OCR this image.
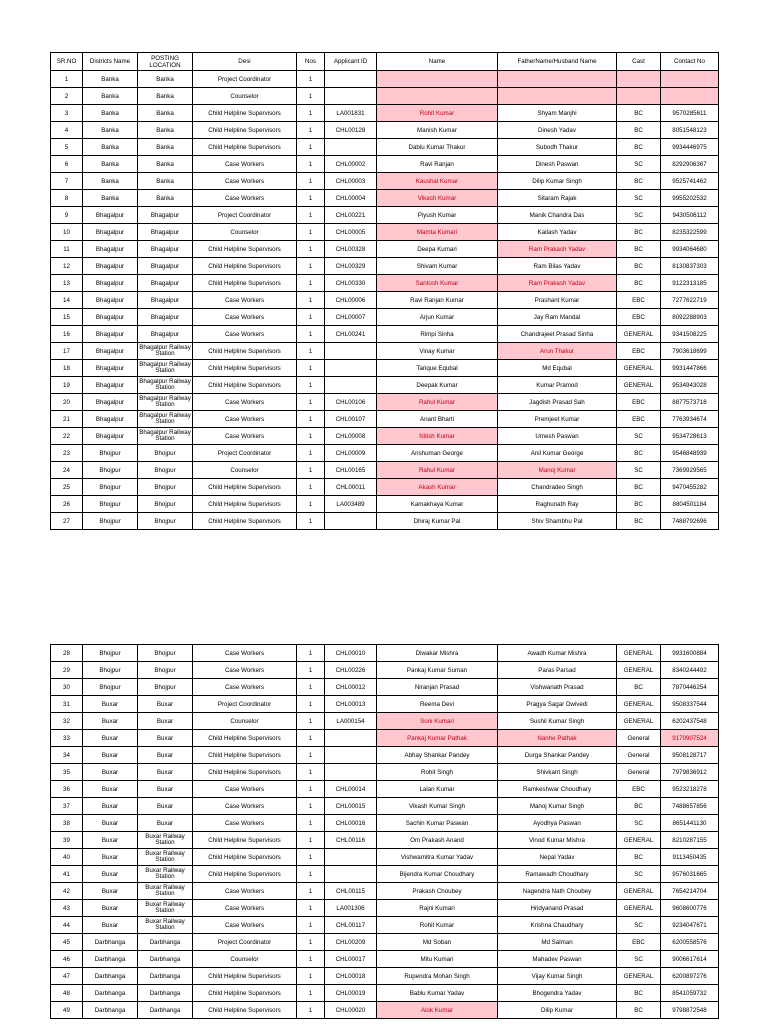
SR.NO	Districts Name	POSTING LOCATION	Desi	Nos	Applicant ID	Name	FatherName/Husband Name	Cast	Contact No
1	Banka	Banka	Project Coordinator	1					
2	Banka	Banka	Counselor	1					
3	Banka	Banka	Child Helpline Supervisors	1	LA001831	Rohit Kumar	Shyam Manjhi	BC	9570285611
4	Banka	Banka	Child Helpline Supervisors	1	CHL00128	Manish Kumar	Dinesh Yadav	BC	8051548123
5	Banka	Banka	Child Helpline Supervisors	1		Dablu Kumar Thakur	Subodh Thakur	BC	9934446975
6	Banka	Banka	Case Workers	1	CHL00002	Ravi Ranjan	Dinesh Paswan	SC	8292906367
7	Banka	Banka	Case Workers	1	CHL00003	Kaushal Kumar	Dilip Kumar Singh	BC	9525741462
8	Banka	Banka	Case Workers	1	CHL00004	Vikash Kumar	Sitaram Rajak	SC	9955202532
9	Bhagalpur	Bhagalpur	Project Coordinator	1	CHL00221	Piyush Kumar	Manik Chandra Das	SC	9430506112
10	Bhagalpur	Bhagalpur	Counselor	1	CHL00005	Mamta Kumari	Kailash Yadav	BC	8235322599
11	Bhagalpur	Bhagalpur	Child Helpline Supervisors	1	CHL00328	Deepa Kumari	Ram Prakash Yadav	BC	9934064680
12	Bhagalpur	Bhagalpur	Child Helpline Supervisors	1	CHL00329	Shivam Kumar	Ram Bilas Yadav	BC	8130837303
13	Bhagalpur	Bhagalpur	Child Helpline Supervisors	1	CHL00330	Santosh Kumar	Ram Prakash Yadav	BC	9122313185
14	Bhagalpur	Bhagalpur	Case Workers	1	CHL00006	Ravi Ranjan Kumar	Prashant Kumar	EBC	7277622719
15	Bhagalpur	Bhagalpur	Case Workers	1	CHL00007	Arjun Kumar	Jay Ram Mandal	EBC	8092288903
16	Bhagalpur	Bhagalpur	Case Workers	1	CHL00241	Rimpi Sinha	Chandrajeet Prasad Sinha	GENERAL	9341508225
17	Bhagalpur	Bhagalpur Railway Station	Child Helpline Supervisors	1		Vinay Kumar	Arun Thakur	EBC	7903618699
18	Bhagalpur	Bhagalpur Railway Station	Child Helpline Supervisors	1		Tarique Equbal	Md Equbal	GENERAL	9931447866
19	Bhagalpur	Bhagalpur Railway Station	Child Helpline Supervisors	1		Deepak Kumar	Kumar Pramod	GENERAL	9534943028
20	Bhagalpur	Bhagalpur Railway Station	Case Workers	1	CHL00106	Rahul Kumar	Jagdish Prasad Sah	EBC	8877573718
21	Bhagalpur	Bhagalpur Railway Station	Case Workers	1	CHL00107	Anant Bharti	Premjeet Kumar	EBC	7763934674
22	Bhagalpur	Bhagalpur Railway Station	Case Workers	1	CHL00008	Nitish Kumar	Umesh Paswan	SC	9534728613
23	Bhojpur	Bhojpur	Project Coordinator	1	CHL00009	Anshuman George	Anil Kumar George	BC	9546848939
24	Bhojpur	Bhojpur	Counselor	1	CHL00165	Rahul Kumar	Manoj Kumar	SC	7369929565
25	Bhojpur	Bhojpur	Child Helpline Supervisors	1	CHL00011	Akash Kumar	Chandradeo Singh	BC	9470455282
26	Bhojpur	Bhojpur	Child Helpline Supervisors	1	LA003489	Kamakhaya Kumar	Raghunath Ray	BC	8804501184
27	Bhojpur	Bhojpur	Child Helpline Supervisors	1		Dhiraj Kumar Pal	Shiv Shambhu Pal	BC	7488792696
28	Bhojpur	Bhojpur	Case Workers	1	CHL00010	Diwakar Mishra	Awadh Kumar Mishra	GENERAL	9931600884
29	Bhojpur	Bhojpur	Case Workers	1	CHL00226	Pankaj Kumar Suman	Paras Parsad	GENERAL	8340244492
30	Bhojpur	Bhojpur	Case Workers	1	CHL00012	Niranjan Prasad	Vishwanath Prasad	BC	7870446254
31	Buxar	Buxar	Project Coordinator	1	CHL00013	Reema Devi	Pragya Sagar Dwivedi	GENERAL	9508337544
32	Buxar	Buxar	Counselor	1	LA000154	Soni Kumari	Sushil Kumar Singh	GENERAL	6202437548
33	Buxar	Buxar	Child Helpline Supervisors	1		Pankaj Kumar Pathak	Nanhe Pathak	General	9170907524
34	Buxar	Buxar	Child Helpline Supervisors	1		Abhay Shankar Pandey	Durga Shankar Pandey	General	9508128717
35	Buxar	Buxar	Child Helpline Supervisors	1		Rohit Singh	Shivkant Singh	General	7979836912
36	Buxar	Buxar	Case Workers	1	CHL00014	Lalan Kumar	Ramkeshwar Choudhary	EBC	9523218278
37	Buxar	Buxar	Case Workers	1	CHL00015	Vikash Kumar Singh	Manoj Kumar Singh	BC	7488657856
38	Buxar	Buxar	Case Workers	1	CHL00016	Sachin Kumar Paswan	Ayodhya Paswan	SC	8651441130
39	Buxar	Buxar Railway Station	Child Helpline Supervisors	1	CHL00116	Om Prakash Anand	Vinod Kumar Mishra	GENERAL	8210287155
40	Buxar	Buxar Railway Station	Child Helpline Supervisors	1		Vishwamitra Kumar Yadav	Nepal Yadav	BC	9113450435
41	Buxar	Buxar Railway Station	Child Helpline Supervisors	1		Bijendra Kumar Choudhary	Ramawadh Choudhary	SC	9576031665
42	Buxar	Buxar Railway Station	Case Workers	1	CHL00115	Prakash Choubey	Nagendra Nath Choubey	GENERAL	7654214704
43	Buxar	Buxar Railway Station	Case Workers	1	LA001306	Rajni Kumari	Hridyanand Prasad	GENERAL	9608600776
44	Buxar	Buxar Railway Station	Case Workers	1	CHL00117	Rohit Kumar	Krishna Chaudhary	SC	9234047671
45	Darbhanga	Darbhanga	Project Coordinator	1	CHL00209	Md Soban	Md Salman	EBC	6200558576
46	Darbhanga	Darbhanga	Counselor	1	CHL00017	Mitu Kumari	Mahadev Paswan	SC	9006617614
47	Darbhanga	Darbhanga	Child Helpline Supervisors	1	CHL00018	Rupendra Mohan Singh	Vijay Kumar Singh	GENERAL	6200897276
48	Darbhanga	Darbhanga	Child Helpline Supervisors	1	CHL00019	Bablu Kumar Yadav	Bhogendra Yadav	BC	8541059732
49	Darbhanga	Darbhanga	Child Helpline Supervisors	1	CHL00020	Alok Kumar	Dilip Kumar	BC	9798872548
